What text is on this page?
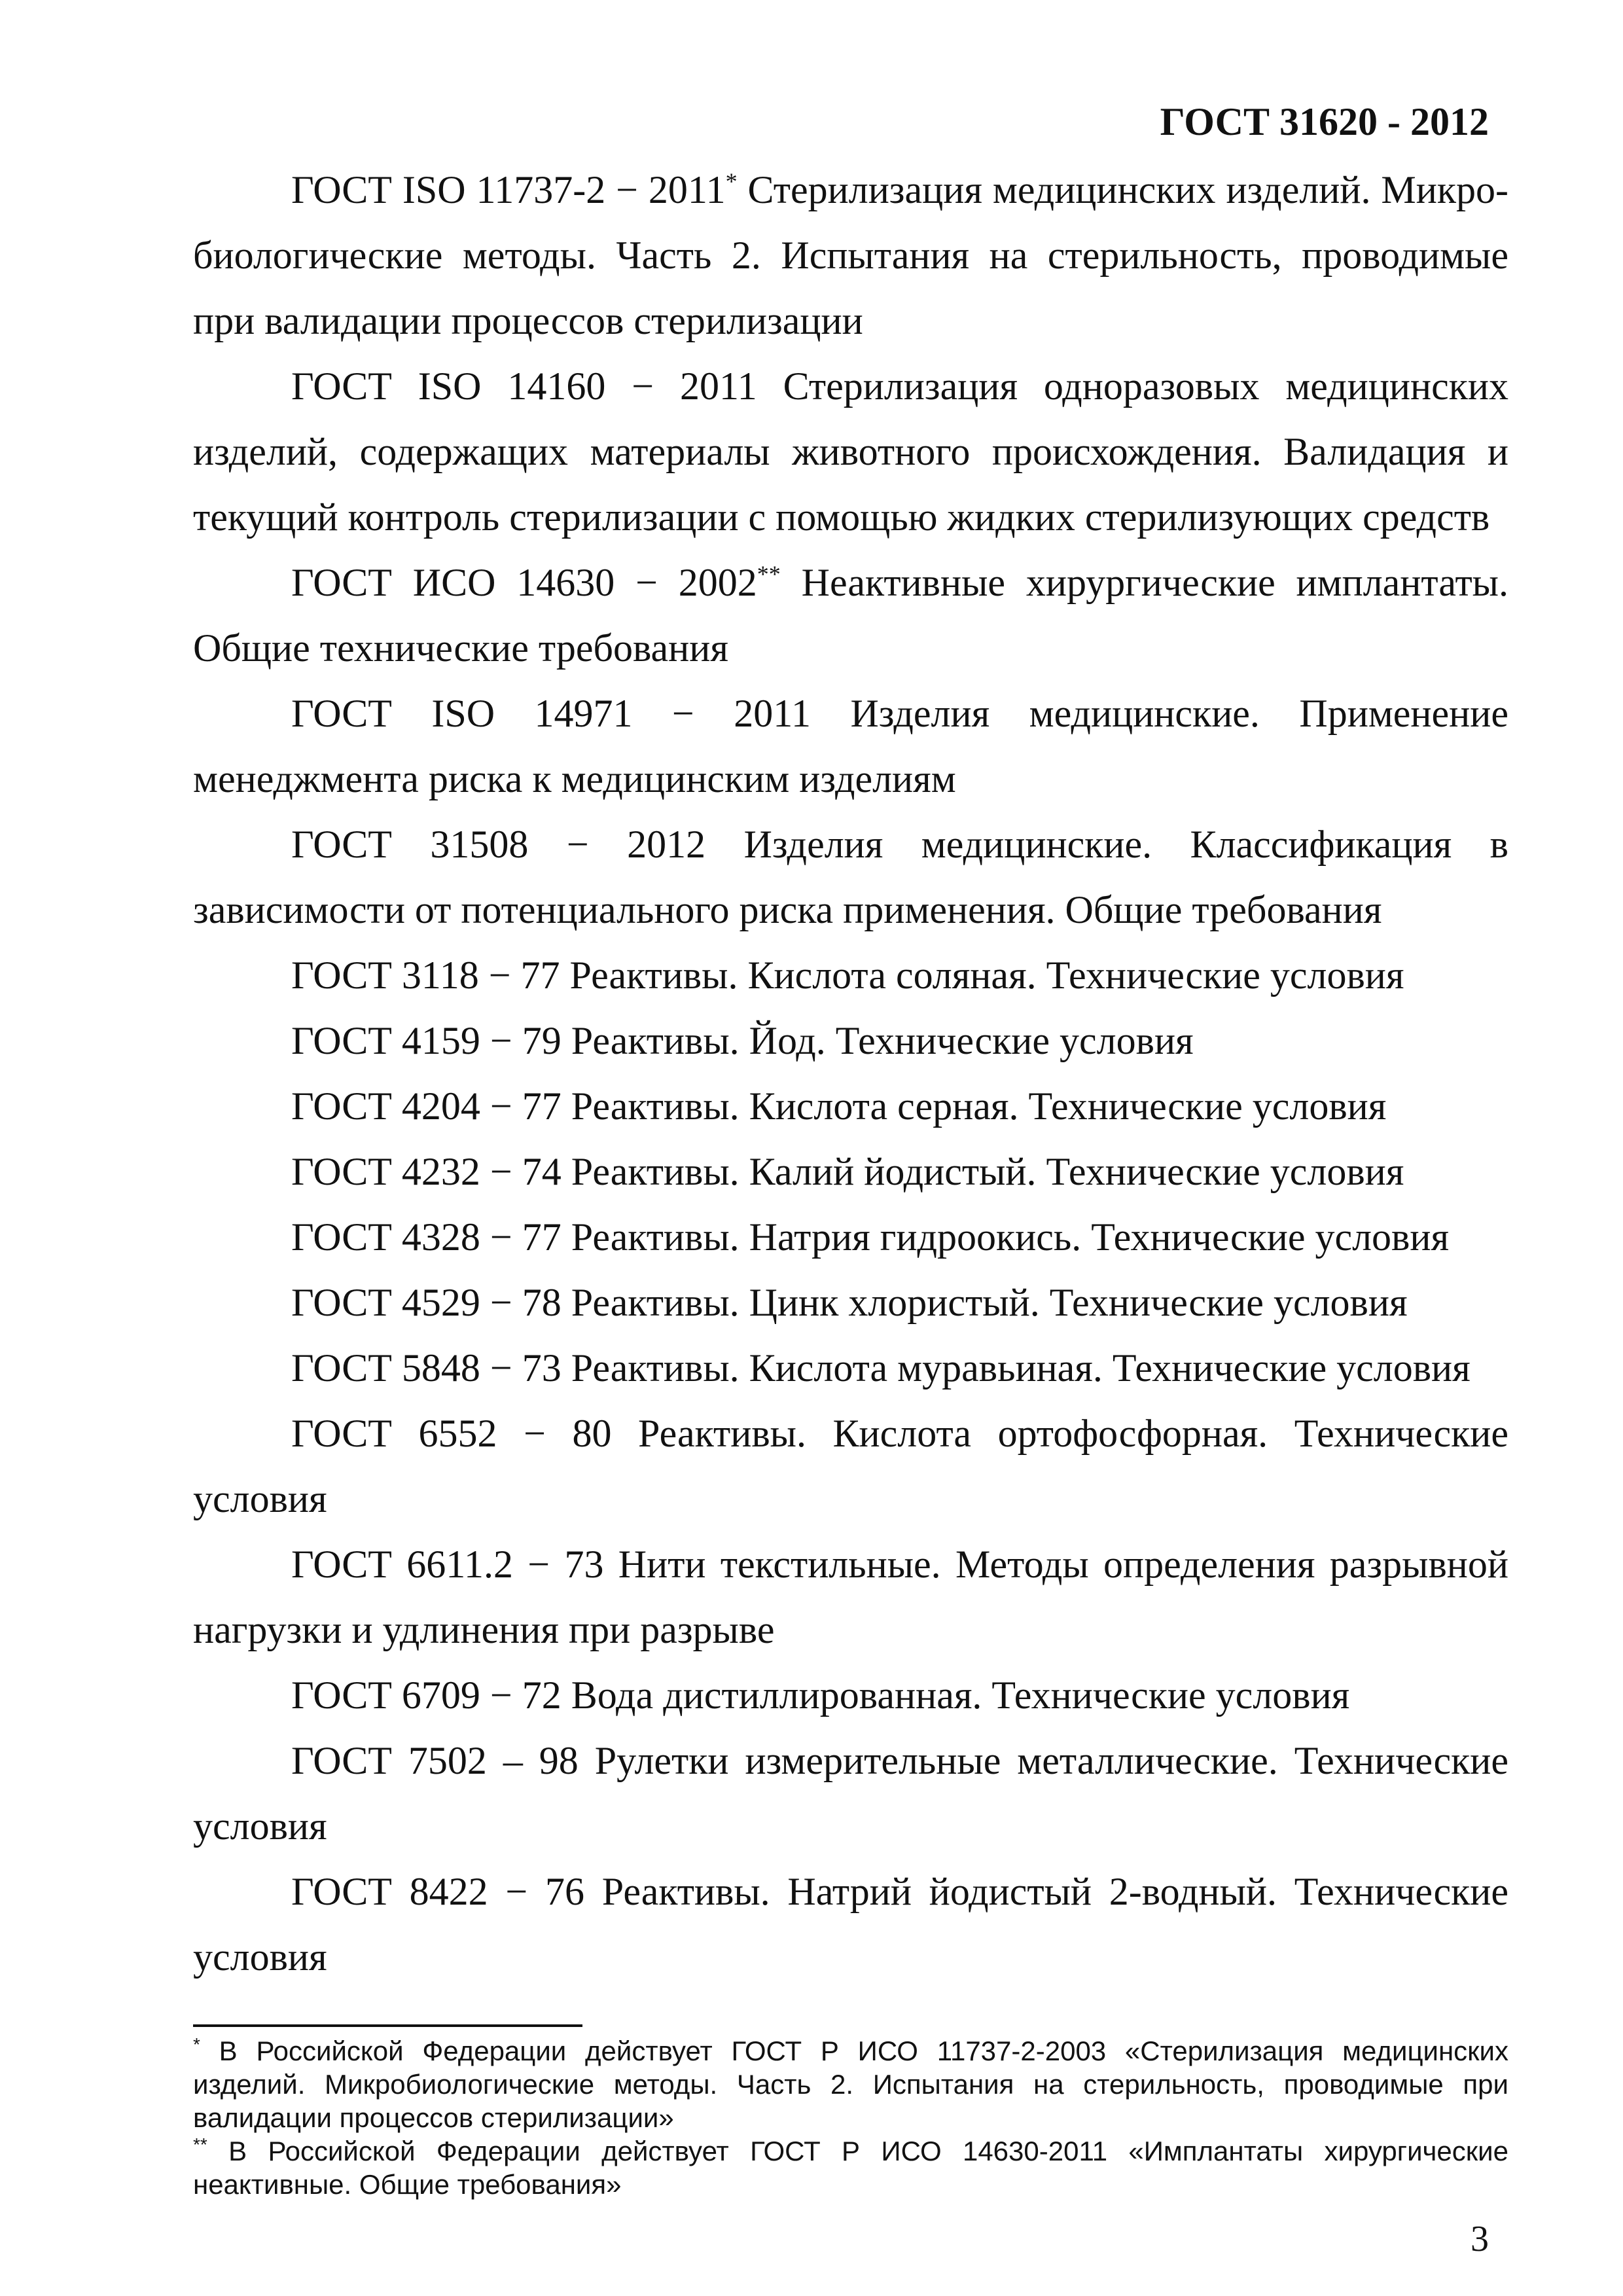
ГОСТ 31620 - 2012

ГОСТ ISO 11737-2 − 2011* Стерилизация медицинских изделий. Микро-биологические методы. Часть 2. Испытания на стерильность, проводимые при валидации процессов стерилизации

ГОСТ ISO 14160 − 2011 Стерилизация одноразовых медицинских изделий, содержащих материалы животного происхождения. Валидация и текущий контроль стерилизации с помощью жидких стерилизующих средств

ГОСТ ИСО 14630 − 2002** Неактивные хирургические имплантаты. Общие технические требования

ГОСТ ISO 14971 − 2011 Изделия медицинские. Применение менеджмента риска к медицинским изделиям

ГОСТ 31508 − 2012 Изделия медицинские. Классификация в зависимости от потенциального риска применения. Общие требования

ГОСТ 3118 − 77 Реактивы. Кислота соляная. Технические условия

ГОСТ 4159 − 79 Реактивы. Йод. Технические условия

ГОСТ 4204 − 77 Реактивы. Кислота серная. Технические условия

ГОСТ 4232 − 74 Реактивы. Калий йодистый. Технические условия

ГОСТ 4328 − 77 Реактивы. Натрия гидроокись. Технические условия

ГОСТ 4529 − 78 Реактивы. Цинк хлористый. Технические условия

ГОСТ 5848 − 73 Реактивы. Кислота муравьиная. Технические условия

ГОСТ 6552 − 80 Реактивы. Кислота ортофосфорная. Технические условия

ГОСТ 6611.2 − 73 Нити текстильные. Методы определения разрывной нагрузки и удлинения при разрыве

ГОСТ 6709 − 72 Вода дистиллированная. Технические условия

ГОСТ 7502 – 98 Рулетки измерительные металлические. Технические условия

ГОСТ 8422 − 76 Реактивы. Натрий йодистый 2-водный. Технические условия

* В Российской Федерации действует ГОСТ Р ИСО 11737-2-2003 «Стерилизация медицинских изделий. Микробиологические методы. Часть 2. Испытания на стерильность, проводимые при валидации процессов стерилизации»

** В Российской Федерации действует ГОСТ Р ИСО 14630-2011 «Имплантаты хирургические неактивные. Общие требования»

3
